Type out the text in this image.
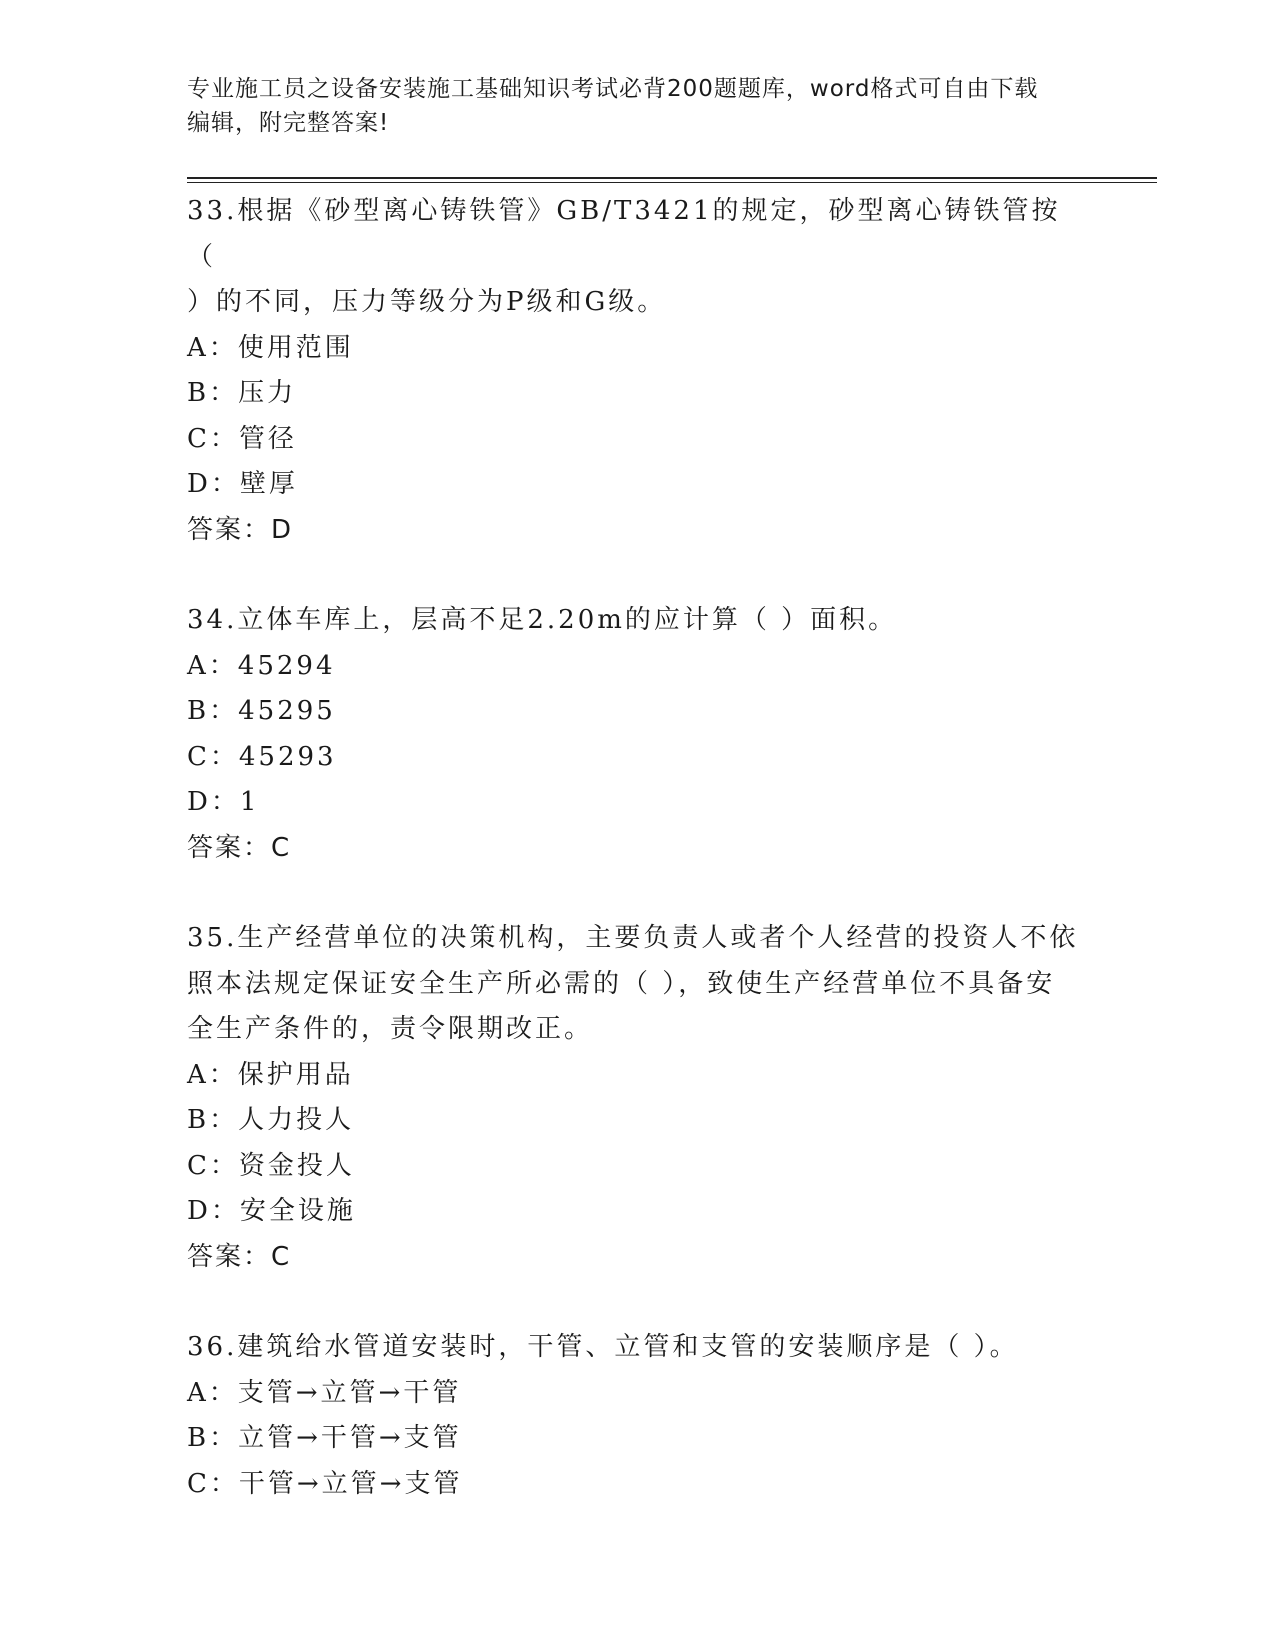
专业施工员之设备安装施工基础知识考试必背200题题库，word格式可自由下载
编辑，附完整答案!
33.根据《砂型离心铸铁管》GB/T3421的规定，砂型离心铸铁管按（
）的不同，压力等级分为P级和G级。
A：使用范围
B：压力
C：管径
D：壁厚
答案：D
34.立体车库上，层高不足2.20m的应计算（ ）面积。
A：45294
B：45295
C：45293
D：1
答案：C
35.生产经营单位的决策机构，主要负责人或者个人经营的投资人不依
照本法规定保证安全生产所必需的（ ），致使生产经营单位不具备安
全生产条件的，责令限期改正。
A：保护用品
B：人力投人
C：资金投人
D：安全设施
答案：C
36.建筑给水管道安装时，干管、立管和支管的安装顺序是（ ）。
A：支管→立管→干管
B：立管→干管→支管
C：干管→立管→支管
